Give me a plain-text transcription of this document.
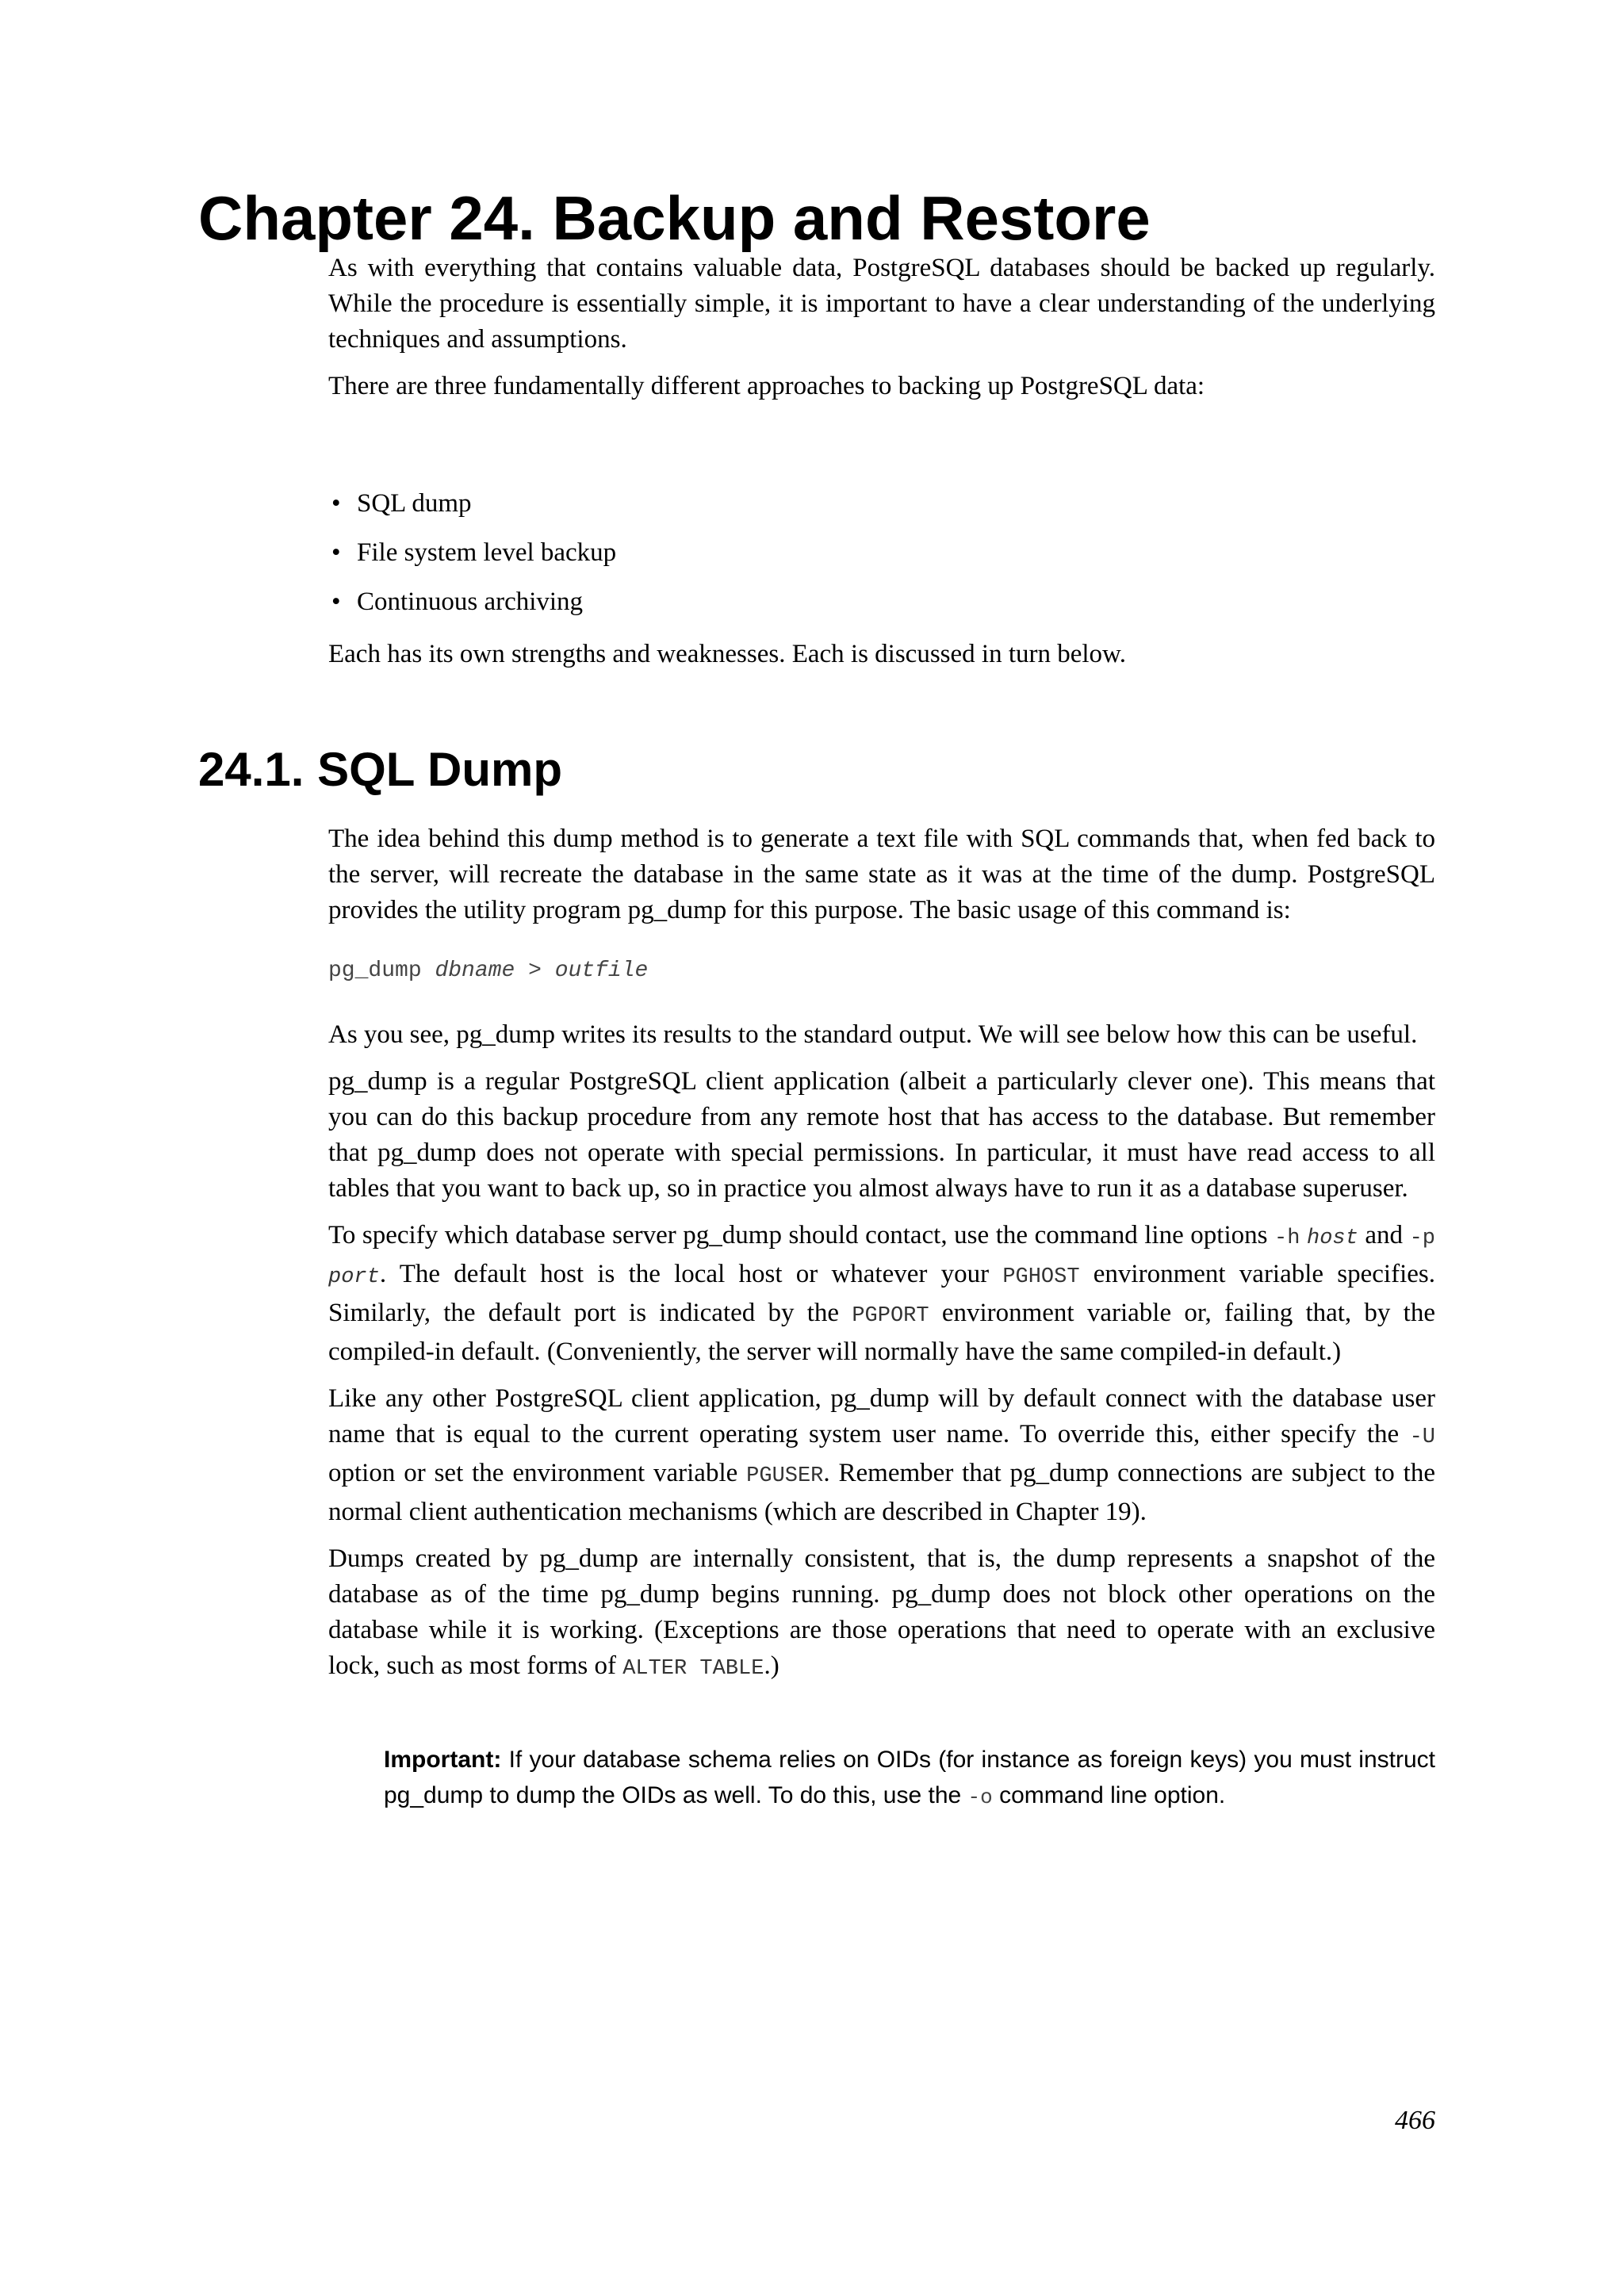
Chapter 24. Backup and Restore

As with everything that contains valuable data, PostgreSQL databases should be backed up regularly. While the procedure is essentially simple, it is important to have a clear understanding of the underlying techniques and assumptions.

There are three fundamentally different approaches to backing up PostgreSQL data:

• SQL dump
• File system level backup
• Continuous archiving

Each has its own strengths and weaknesses. Each is discussed in turn below.

24.1. SQL Dump

The idea behind this dump method is to generate a text file with SQL commands that, when fed back to the server, will recreate the database in the same state as it was at the time of the dump. PostgreSQL provides the utility program pg_dump for this purpose. The basic usage of this command is:

pg_dump dbname > outfile

As you see, pg_dump writes its results to the standard output. We will see below how this can be useful.

pg_dump is a regular PostgreSQL client application (albeit a particularly clever one). This means that you can do this backup procedure from any remote host that has access to the database. But remember that pg_dump does not operate with special permissions. In particular, it must have read access to all tables that you want to back up, so in practice you almost always have to run it as a database superuser.

To specify which database server pg_dump should contact, use the command line options -h host and -p port. The default host is the local host or whatever your PGHOST environment variable specifies. Similarly, the default port is indicated by the PGPORT environment variable or, failing that, by the compiled-in default. (Conveniently, the server will normally have the same compiled-in default.)

Like any other PostgreSQL client application, pg_dump will by default connect with the database user name that is equal to the current operating system user name. To override this, either specify the -U option or set the environment variable PGUSER. Remember that pg_dump connections are subject to the normal client authentication mechanisms (which are described in Chapter 19).

Dumps created by pg_dump are internally consistent, that is, the dump represents a snapshot of the database as of the time pg_dump begins running. pg_dump does not block other operations on the database while it is working. (Exceptions are those operations that need to operate with an exclusive lock, such as most forms of ALTER TABLE.)

Important: If your database schema relies on OIDs (for instance as foreign keys) you must instruct pg_dump to dump the OIDs as well. To do this, use the -o command line option.

466
